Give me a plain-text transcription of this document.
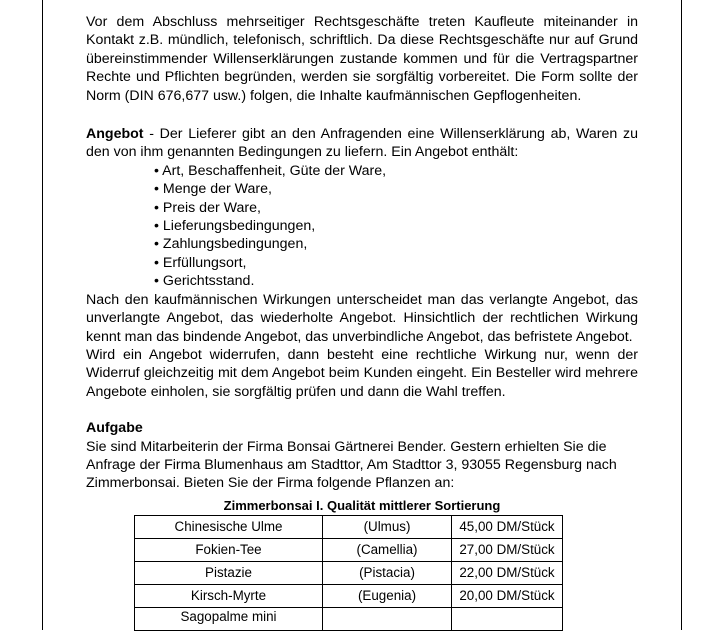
Vor dem Abschluss mehrseitiger Rechtsgeschäfte treten Kaufleute miteinander in Kontakt z.B. mündlich, telefonisch, schriftlich. Da diese Rechtsgeschäfte nur auf Grund übereinstimmender Willenserklärungen zustande kommen und für die Vertragspartner Rechte und Pflichten begründen, werden sie sorgfältig vorbereitet. Die Form sollte der Norm (DIN 676,677 usw.) folgen, die Inhalte kaufmännischen Gepflogenheiten.

Angebot - Der Lieferer gibt an den Anfragenden eine Willenserklärung ab, Waren zu den von ihm genannten Bedingungen zu liefern. Ein Angebot enthält:

• Art, Beschaffenheit, Güte der Ware,
• Menge der Ware,
• Preis der Ware,
• Lieferungsbedingungen,
• Zahlungsbedingungen,
• Erfüllungsort,
• Gerichtsstand.

Nach den kaufmännischen Wirkungen unterscheidet man das verlangte Angebot, das unverlangte Angebot, das wiederholte Angebot. Hinsichtlich der rechtlichen Wirkung kennt man das bindende Angebot, das unverbindliche Angebot, das befristete Angebot.

Wird ein Angebot widerrufen, dann besteht eine rechtliche Wirkung nur, wenn der Widerruf gleichzeitig mit dem Angebot beim Kunden eingeht. Ein Besteller wird mehrere Angebote einholen, sie sorgfältig prüfen und dann die Wahl treffen.

Aufgabe

Sie sind Mitarbeiterin der Firma Bonsai Gärtnerei Bender. Gestern erhielten Sie die Anfrage der Firma Blumenhaus am Stadttor, Am Stadttor 3, 93055 Regensburg nach Zimmerbonsai. Bieten Sie der Firma folgende Pflanzen an:

Zimmerbonsai I. Qualität mittlerer Sortierung
Chinesische Ulme	(Ulmus)	45,00 DM/Stück
Fokien-Tee	(Camellia)	27,00 DM/Stück
Pistazie	(Pistacia)	22,00 DM/Stück
Kirsch-Myrte	(Eugenia)	20,00 DM/Stück
Sagopalme mini		
